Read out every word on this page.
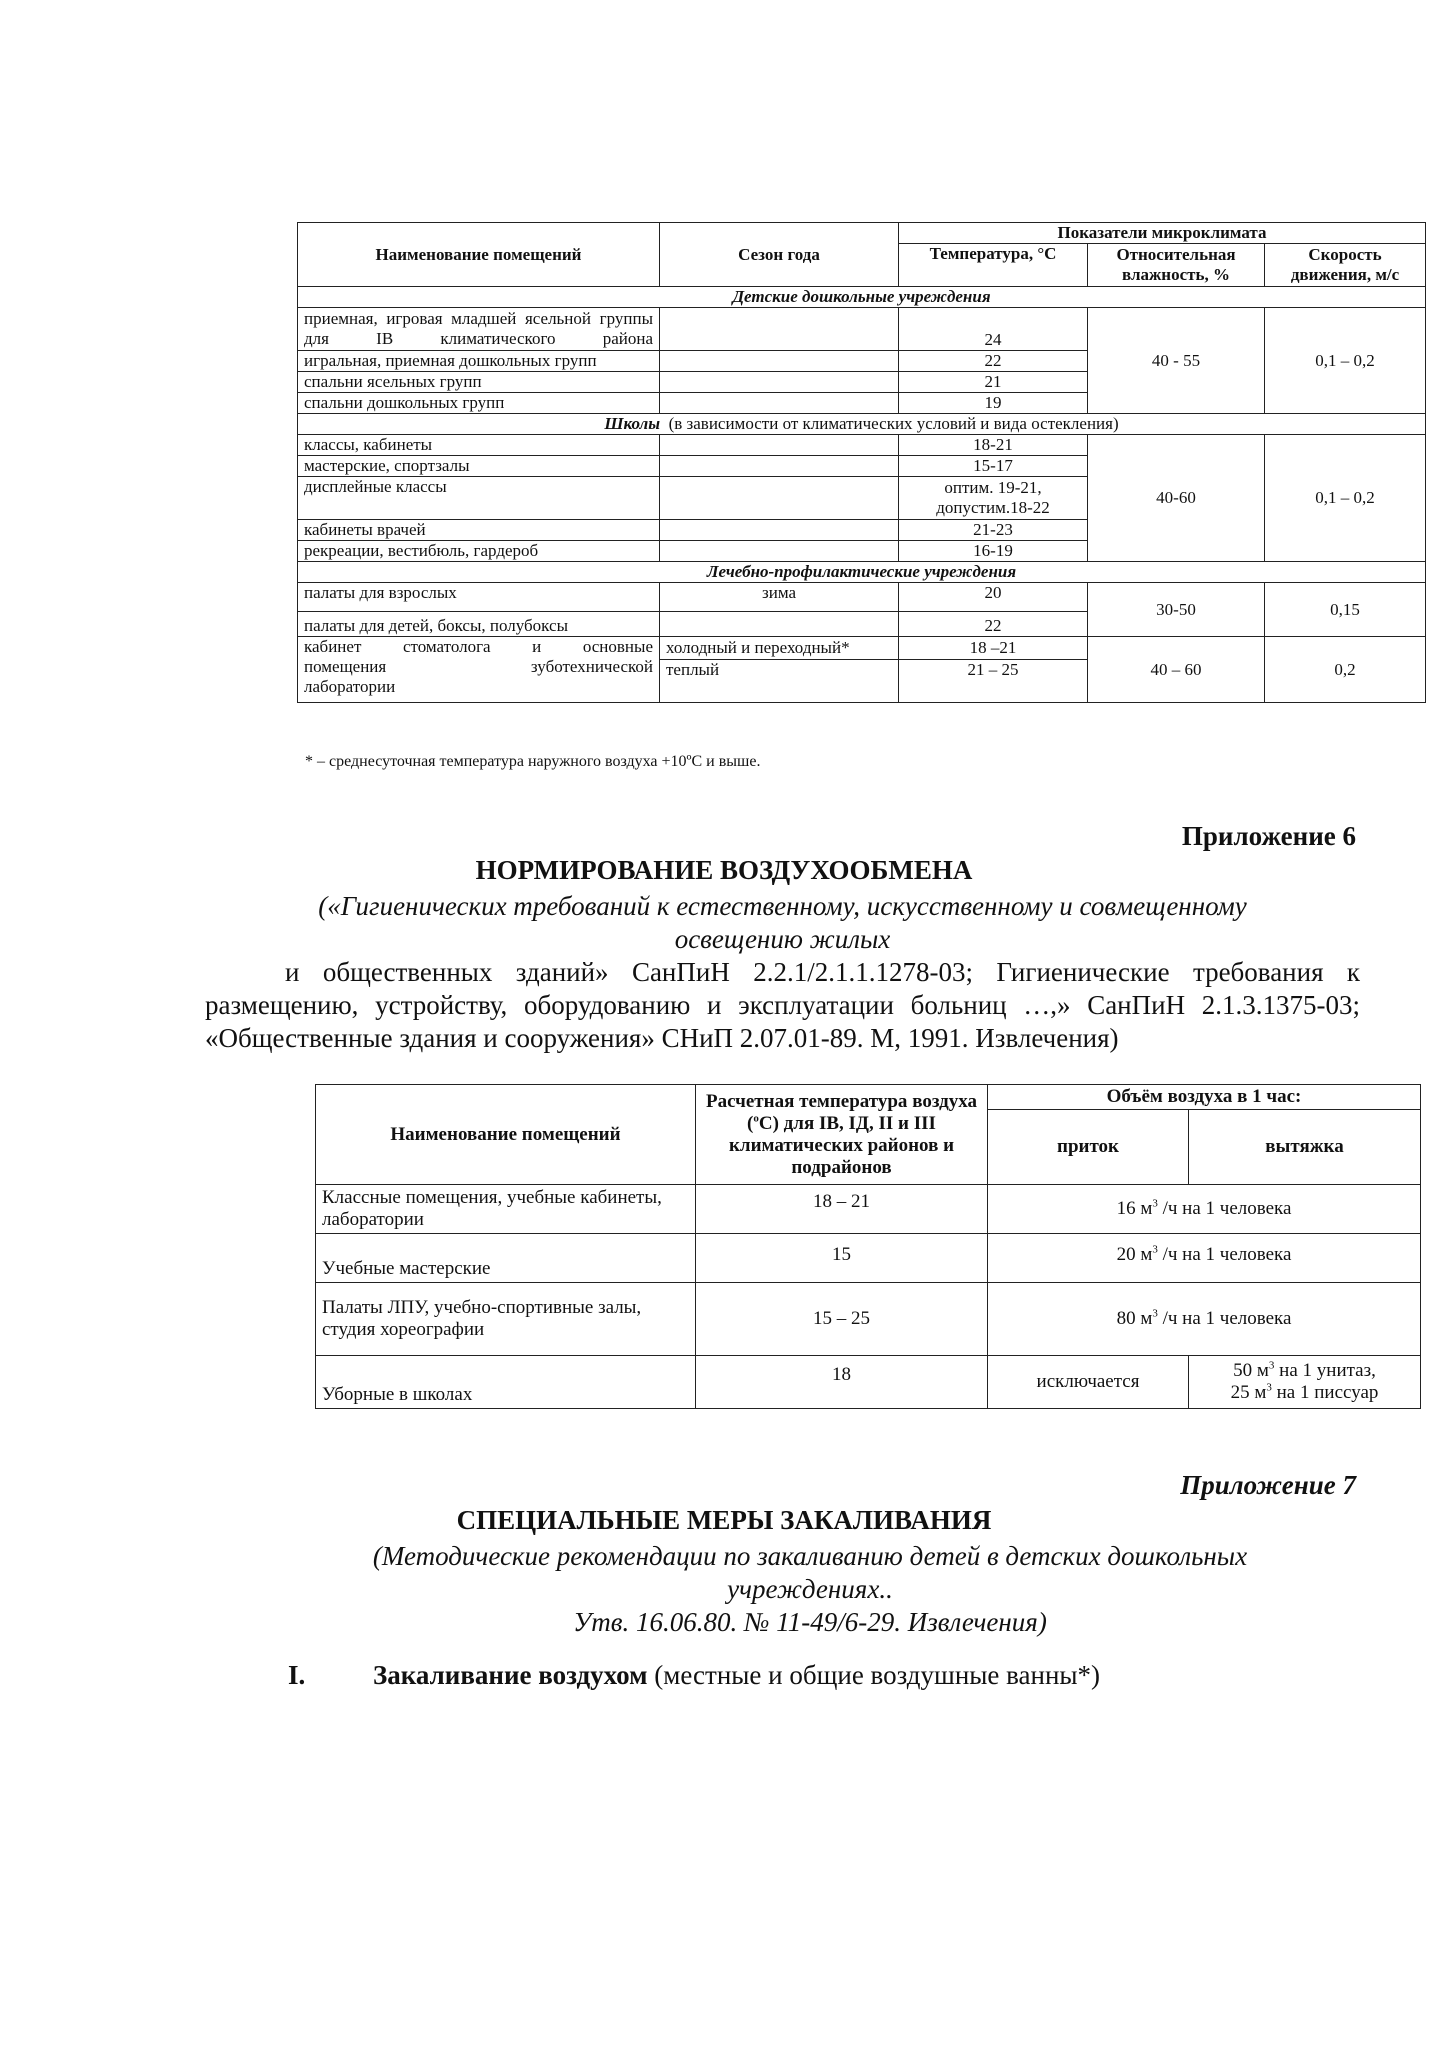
Наименование помещений	Сезон года	Показатели микроклимата		
		Температура, °С	Относительная влажность, %	Скорость движения, м/с
Детские дошкольные учреждения				
приемная, игровая младшей ясельной группы для IВ климатического района		24	40 - 55	0,1 – 0,2
игральная, приемная дошкольных групп		22		
спальни ясельных групп		21		
спальни дошкольных групп		19		
Школы (в зависимости от климатических условий и вида остекления)				
классы, кабинеты		18-21	40-60	0,1 – 0,2
мастерские, спортзалы		15-17		
дисплейные классы		оптим. 19-21,
допустим.18-22		

кабинеты врачей		21-23		
рекреации, вестибюль, гардероб		16-19		
Лечебно-профилактические учреждения				
палаты для взрослых	зима	20	30-50	0,15
палаты для детей, боксы, полубоксы		22		

кабинет стоматолога и основные
помещения зуботехнической
лаборатории	холодный и переходный*	18 –21	40 – 60	0,2
	теплый	21 – 25		
* – среднесуточная температура наружного воздуха +10ºС и выше.
Приложение 6
НОРМИРОВАНИЕ ВОЗДУХООБМЕНА
(«Гигиенических требований к естественному, искусственному и совмещенному
освещению жилых
и общественных зданий» СанПиН 2.2.1/2.1.1.1278-03; Гигиенические требования к размещению, устройству, оборудованию и эксплуатации больниц …,» СанПиН 2.1.3.1375-03; «Общественные здания и сооружения» СНиП 2.07.01-89. М, 1991. Извлечения)
Наименование помещений	Расчетная температура воздуха ($^о$С) для IВ, IД, II и III климатических районов и подрайонов	Объём воздуха в 1 час:	
		приток	вытяжка
Классные помещения, учебные кабинеты, лаборатории	18 – 21	16 $м^3$ /ч на 1 человека	
Учебные мастерские	15	20 $м^3$ /ч на 1 человека	
Палаты ЛПУ, учебно-спортивные залы, студия хореографии	15 – 25	80 $м^3$ /ч на 1 человека	
Уборные в школах	18	исключается	50 $м^3$ на 1 унитаз,
25 $м^3$ на 1 писсуар
Приложение 7
СПЕЦИАЛЬНЫЕ МЕРЫ ЗАКАЛИВАНИЯ
(Методические рекомендации по закаливанию детей в детских дошкольных
учреждениях..
Утв. 16.06.80. № 11-49/6-29. Извлечения)
I.	Закаливание воздухом (местные и общие воздушные ванны*)
